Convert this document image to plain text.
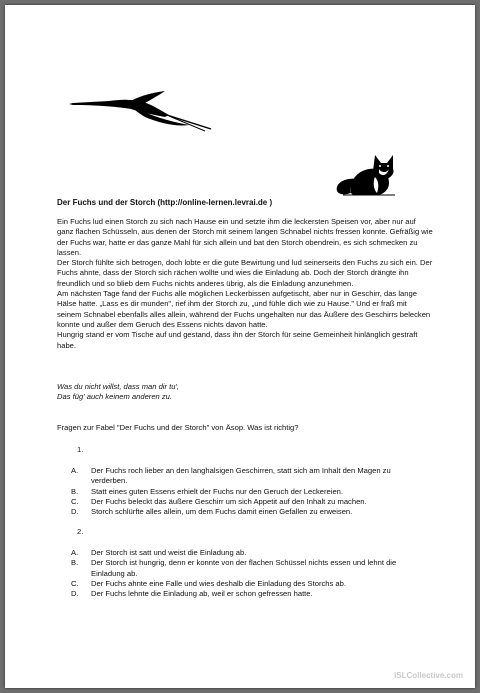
Der Fuchs und der Storch (http://online-lernen.levrai.de )

Ein Fuchs lud einen Storch zu sich nach Hause ein und setzte ihm die leckersten Speisen vor, aber nur auf ganz flachen Schüsseln, aus denen der Storch mit seinem langen Schnabel nichts fressen konnte. Gefräßig wie der Fuchs war, hatte er das ganze Mahl für sich allein und bat den Storch obendrein, es sich schmecken zu lassen.

Der Storch fühlte sich betrogen, doch lobte er die gute Bewirtung und lud seinerseits den Fuchs zu sich ein. Der Fuchs ahnte, dass der Storch sich rächen wollte und wies die Einladung ab. Doch der Storch drängte ihn freundlich und so blieb dem Fuchs nichts anderes übrig, als die Einladung anzunehmen.

Am nächsten Tage fand der Fuchs alle möglichen Leckerbissen aufgetischt, aber nur in Geschirr, das lange Hälse hatte. „Lass es dir munden", rief ihm der Storch zu, „und fühle dich wie zu Hause." Und er fraß mit seinem Schnabel ebenfalls alles allein, während der Fuchs ungehalten nur das Äußere des Geschirrs belecken konnte und außer dem Geruch des Essens nichts davon hatte.

Hungrig stand er vom Tische auf und gestand, dass ihn der Storch für seine Gemeinheit hinlänglich gestraft habe.

Was du nicht willst, dass man dir tu',

Das füg' auch keinem anderen zu.

Fragen zur Fabel "Der Fuchs und der Storch" von Äsop. Was ist richtig?
1.
A.	Der Fuchs roch lieber an den langhalsigen Geschirren, statt sich am Inhalt den Magen zu verderben.
B.	Statt eines guten Essens erhielt der Fuchs nur den Geruch der Leckereien.
C.	Der Fuchs beleckt das äußere Geschirr um sich Appetit auf den Inhalt zu machen.
D.	Storch schlürfte alles allein, um dem Fuchs damit einen Gefallen zu erweisen.
2.
A.	Der Storch ist satt und weist die Einladung ab.
B.	Der Storch ist hungrig, denn er konnte von der flachen Schüssel nichts essen und lehnt die Einladung ab.
C.	Der Fuchs ahnte eine Falle und wies deshalb die Einladung des Storchs ab.
D.	Der Fuchs lehnte die Einladung ab, weil er schon gefressen hatte.
iSLCollective.com
